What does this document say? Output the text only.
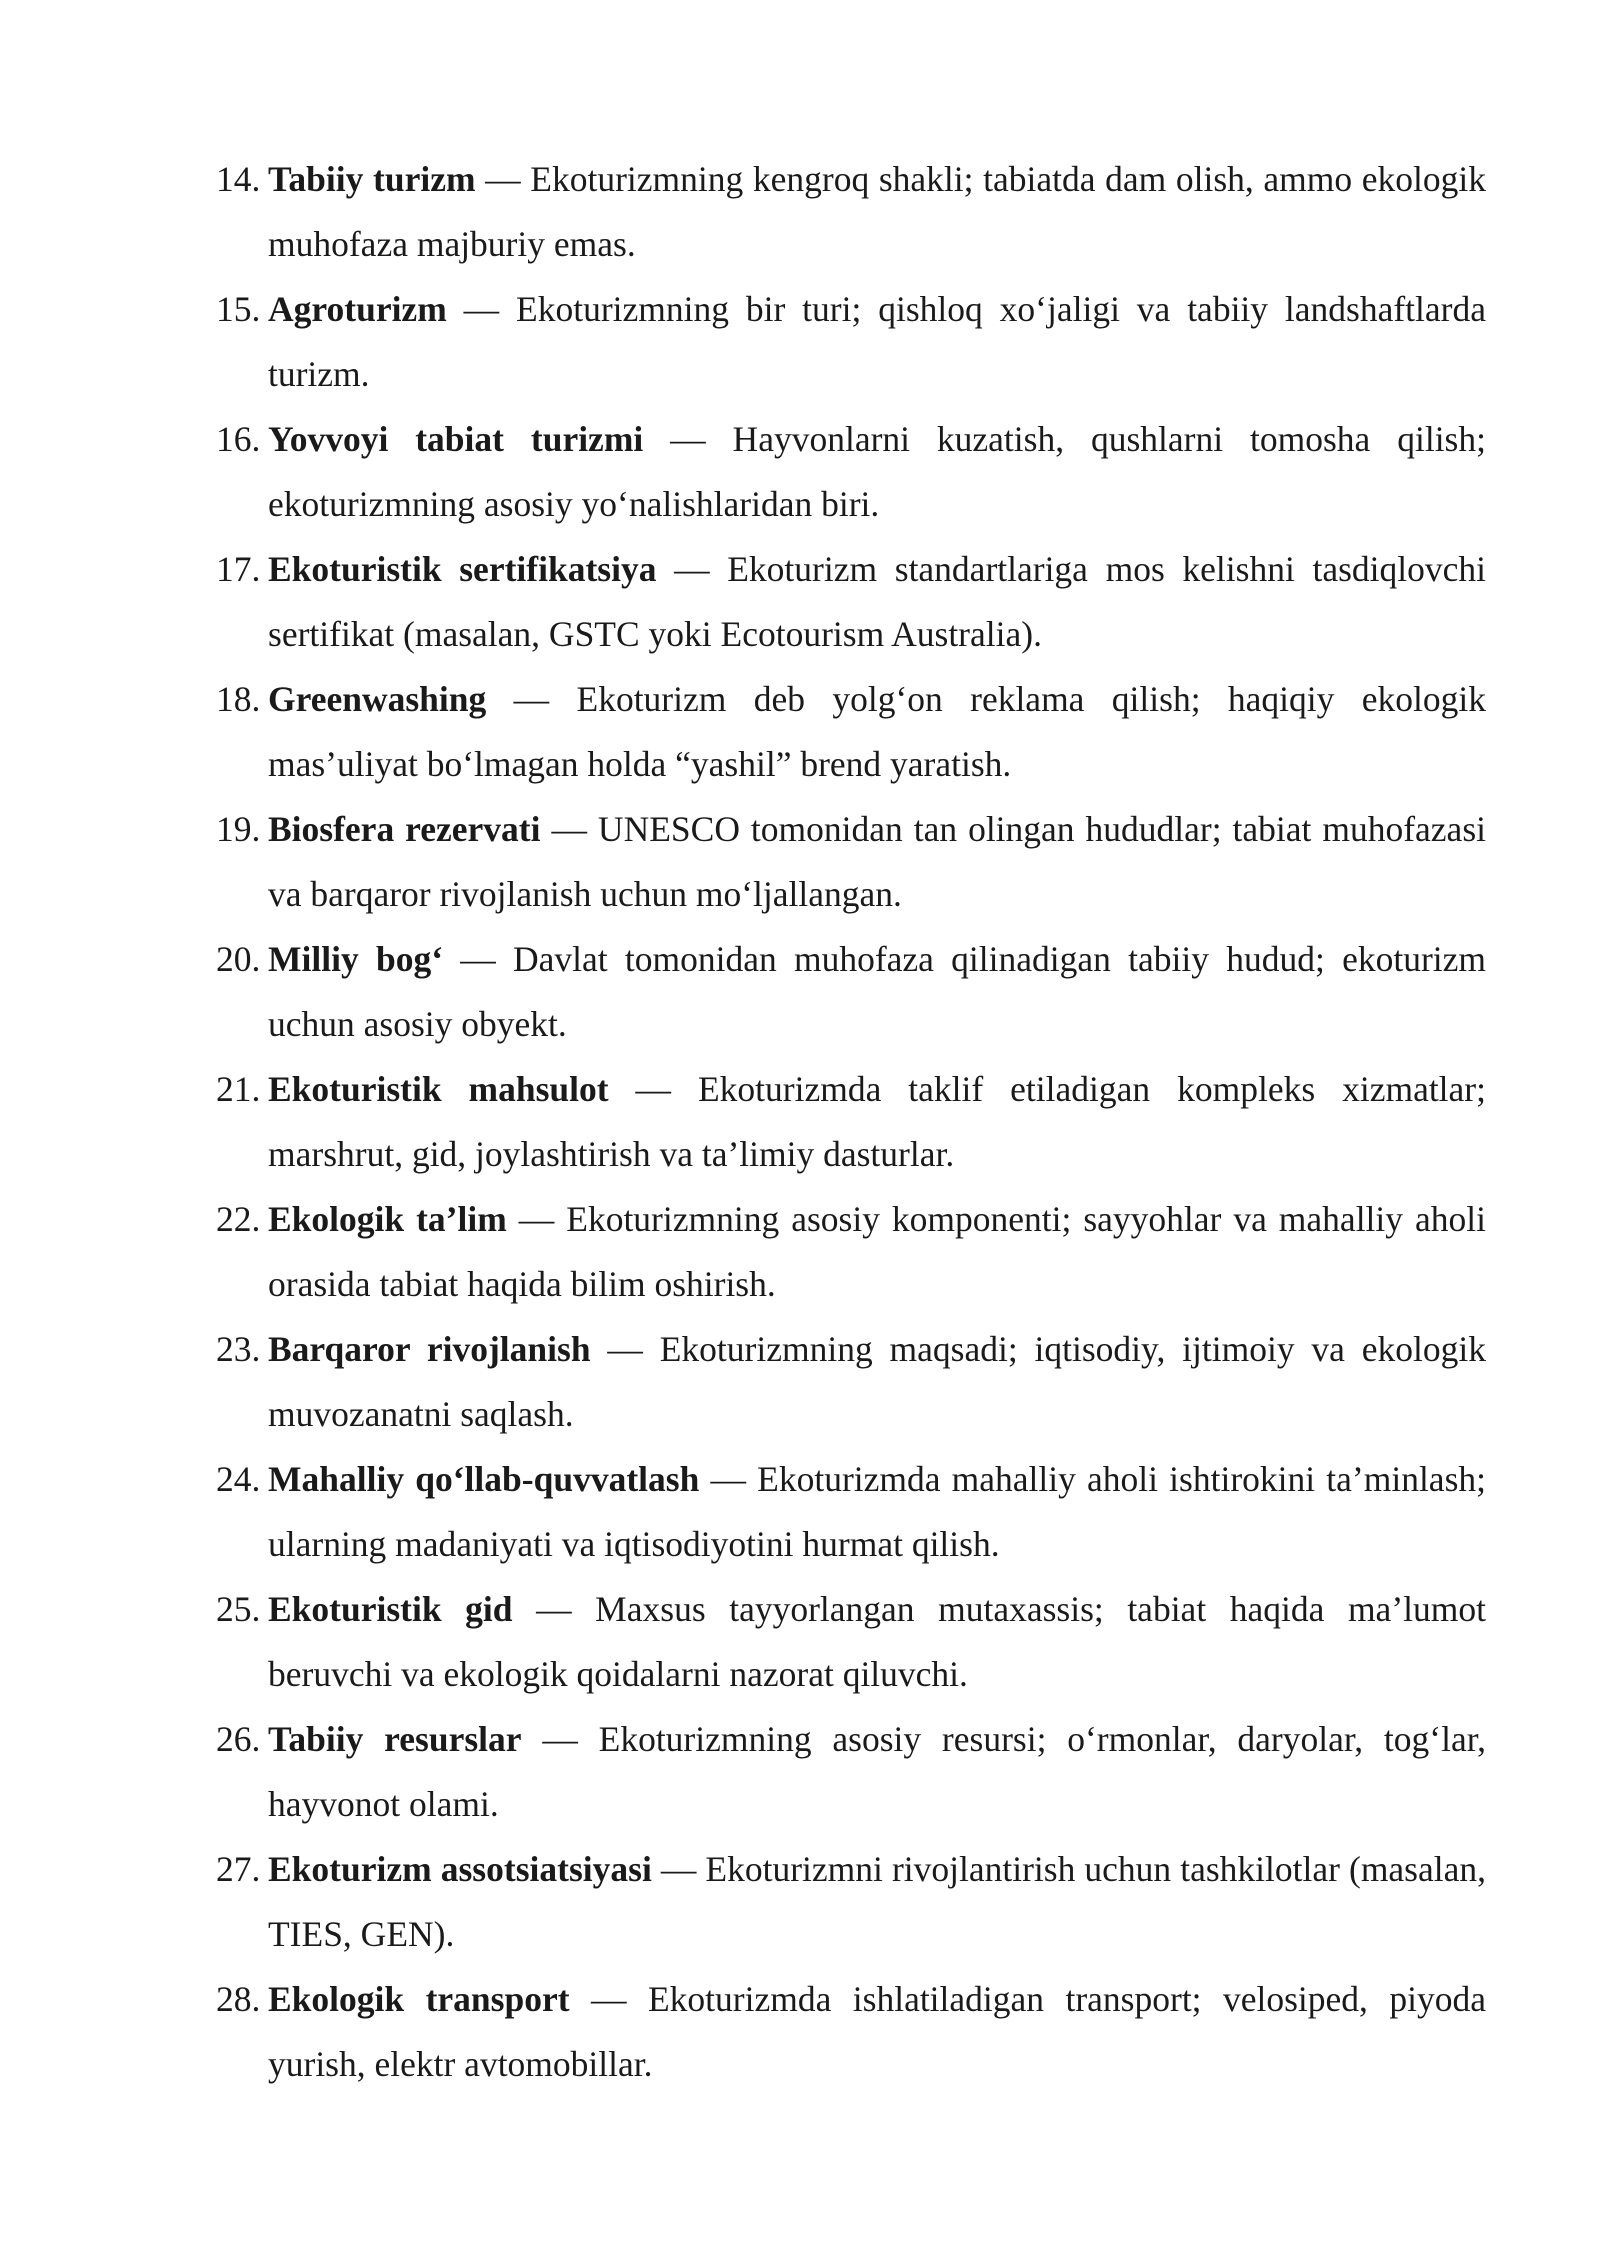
14. Tabiiy turizm — Ekoturizmning kengroq shakli; tabiatda dam olish, ammo ekologik muhofaza majburiy emas.
15. Agroturizm — Ekoturizmning bir turi; qishloq xo‘jaligi va tabiiy landshaftlarda turizm.
16. Yovvoyi tabiat turizmi — Hayvonlarni kuzatish, qushlarni tomosha qilish; ekoturizmning asosiy yo‘nalishlaridan biri.
17. Ekoturistik sertifikatsiya — Ekoturizm standartlariga mos kelishni tasdiqlovchi sertifikat (masalan, GSTC yoki Ecotourism Australia).
18. Greenwashing — Ekoturizm deb yolg‘on reklama qilish; haqiqiy ekologik mas’uliyat bo‘lmagan holda “yashil” brend yaratish.
19. Biosfera rezervati — UNESCO tomonidan tan olingan hududlar; tabiat muhofazasi va barqaror rivojlanish uchun mo‘ljallangan.
20. Milliy bog‘ — Davlat tomonidan muhofaza qilinadigan tabiiy hudud; ekoturizm uchun asosiy obyekt.
21. Ekoturistik mahsulot — Ekoturizmda taklif etiladigan kompleks xizmatlar; marshrut, gid, joylashtirish va ta’limiy dasturlar.
22. Ekologik ta’lim — Ekoturizmning asosiy komponenti; sayyohlar va mahalliy aholi orasida tabiat haqida bilim oshirish.
23. Barqaror rivojlanish — Ekoturizmning maqsadi; iqtisodiy, ijtimoiy va ekologik muvozanatni saqlash.
24. Mahalliy qo‘llab-quvvatlash — Ekoturizmda mahalliy aholi ishtirokini ta’minlash; ularning madaniyati va iqtisodiyotini hurmat qilish.
25. Ekoturistik gid — Maxsus tayyorlangan mutaxassis; tabiat haqida ma’lumot beruvchi va ekologik qoidalarni nazorat qiluvchi.
26. Tabiiy resurslar — Ekoturizmning asosiy resursi; o‘rmonlar, daryolar, tog‘lar, hayvonot olami.
27. Ekoturizm assotsiatsiyasi — Ekoturizmni rivojlantirish uchun tashkilotlar (masalan, TIES, GEN).
28. Ekologik transport — Ekoturizmda ishlatiladigan transport; velosiped, piyoda yurish, elektr avtomobillar.
